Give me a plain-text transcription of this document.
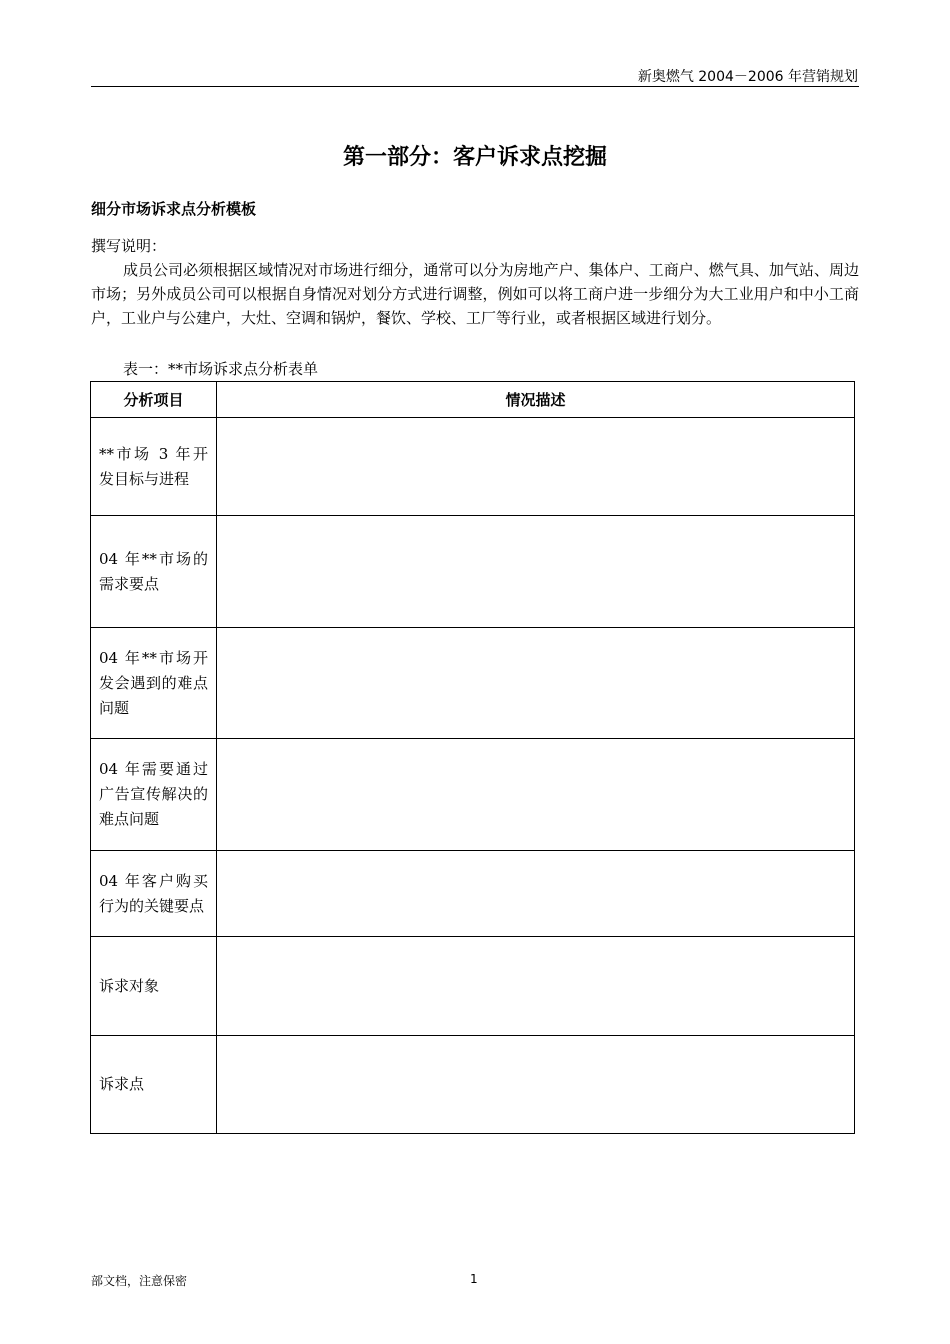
新奥燃气 2004－2006 年营销规划
第一部分：客户诉求点挖掘
细分市场诉求点分析模板
撰写说明：
成员公司必须根据区域情况对市场进行细分，通常可以分为房地产户、集体户、工商户、燃气具、加气站、周边市场；另外成员公司可以根据自身情况对划分方式进行调整，例如可以将工商户进一步细分为大工业用户和中小工商户，工业户与公建户，大灶、空调和锅炉，餐饮、学校、工厂等行业，或者根据区域进行划分。
表一：**市场诉求点分析表单
分析项目	情况描述
**市场 3 年开发目标与进程	
04 年**市场的需求要点	
04 年**市场开发会遇到的难点问题	
04 年需要通过广告宣传解决的难点问题	
04 年客户购买行为的关键要点	
诉求对象	
诉求点	
部文档，注意保密	1
